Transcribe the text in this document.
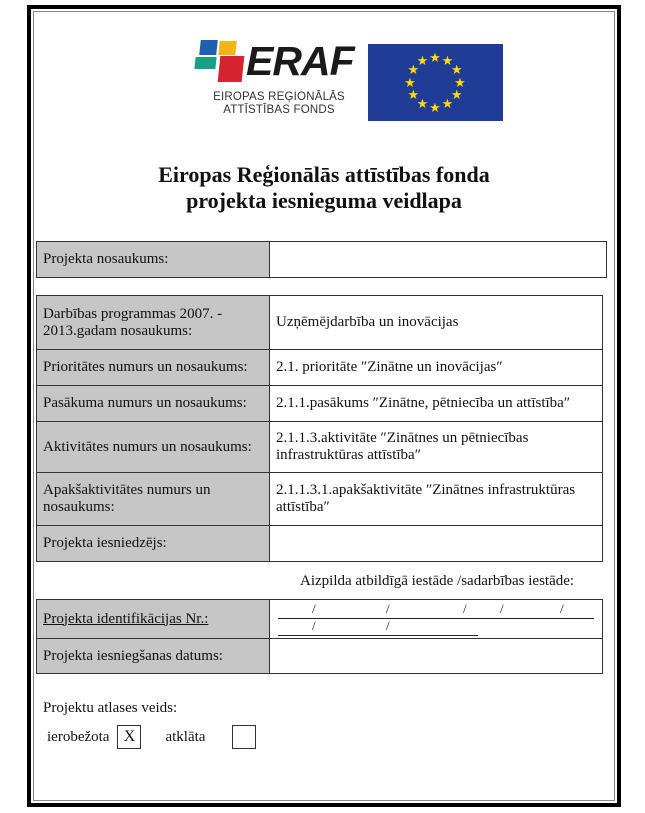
ERAF
EIROPAS REĢIONĀLĀS
ATTĪSTĪBAS FONDS
★ ★
★
★
★
★
★
★
★
★
★
★
Eiropas Reģionālās attīstības fonda
projekta iesnieguma veidlapa
Projekta nosaukums:	
Darbības programmas 2007. - 2013.gadam nosaukums:	Uzņēmējdarbība un inovācijas
Prioritātes numurs un nosaukums:	2.1. prioritāte ″Zinātne un inovācijas″
Pasākuma numurs un nosaukums:	2.1.1.pasākums ″Zinātne, pētniecība un attīstība″
Aktivitātes numurs un nosaukums:	2.1.1.3.aktivitāte ″Zinātnes un pētniecības infrastruktūras attīstība″
Apakšaktivitātes numurs un nosaukums:	2.1.1.3.1.apakšaktivitāte ″Zinātnes infrastruktūras attīstība″
Projekta iesniedzējs:	
Aizpilda atbildīgā iestāde /sadarbības iestāde:
Projekta identifikācijas Nr.:	
/	/	/	/	/
/	/

Projekta iesniegšanas datums:	
Projektu atlases veids:
ierobežota X	atklāta
